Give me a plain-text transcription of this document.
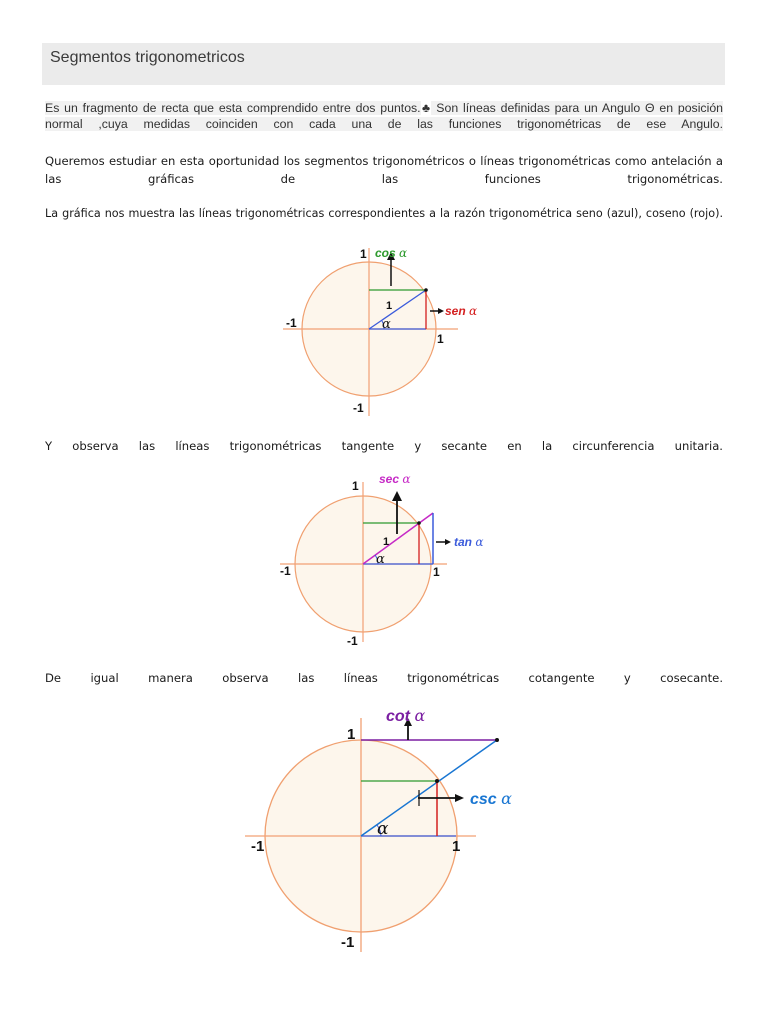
Segmentos trigonometricos

Es un fragmento de recta que esta comprendido entre dos puntos.♣ Son líneas definidas para un Angulo Θ en posición normal ,cuya medidas coinciden con cada una de las funciones trigonométricas de ese Angulo.

Queremos estudiar en esta oportunidad los segmentos trigonométricos o líneas trigonométricas como antelación a las gráficas de las funciones trigonométricas.

La gráfica nos muestra las líneas trigonométricas correspondientes a la razón trigonométrica seno (azul), coseno (rojo).

1
-1
-1
1
1
α
cos α
sen α

Y observa las líneas trigonométricas tangente y secante en la circunferencia unitaria.

1
-1
-1	1
1
α
sec α
tan α

De igual manera observa las líneas trigonométricas cotangente y cosecante.

1
-1
-1	1
α
cot α
csc α
